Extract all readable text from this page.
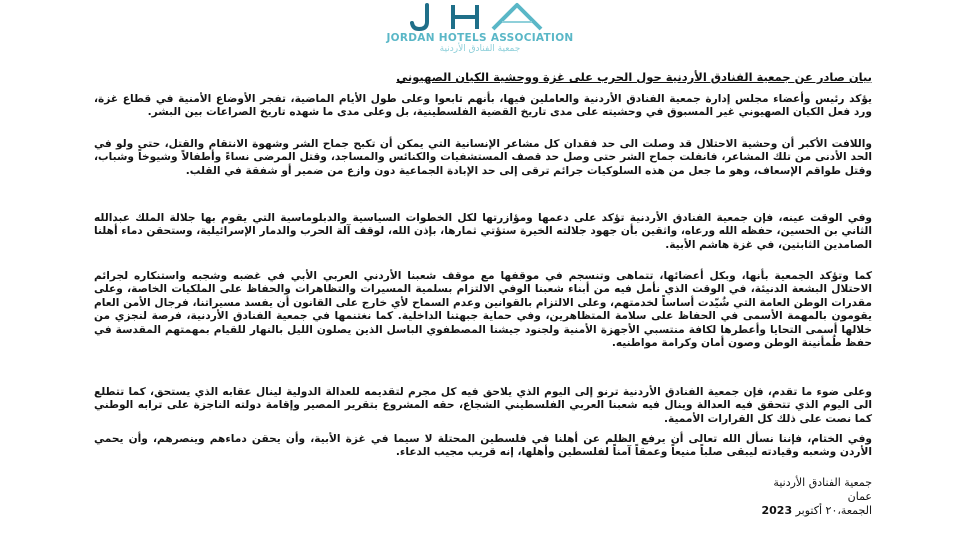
JORDAN HOTELS ASSOCIATION
جمعية الفنادق الأردنية
بيان صادر عن جمعية الفنادق الأردنية حول الحرب على غزة ووحشية الكيان الصهيوني
يؤكد رئيس وأعضاء مجلس إدارة جمعية الفنادق الأردنية والعاملين فيها، بأنهم تابعوا وعلى طول الأيام الماضية، تفجر الأوضاع الأمنية في قطاع غزة، ورد فعل الكيان الصهيوني غير المسبوق في وحشيته على مدى تاريخ القضية الفلسطينية، بل وعلى مدى ما شهده تاريخ الصراعات بين البشر.
واللافت الأكبر أن وحشية الاحتلال قد وصلت الى حد فقدان كل مشاعر الإنسانية التي يمكن أن تكبح جماح الشر وشهوة الانتقام والقتل، حتى ولو في الحد الأدنى من تلك المشاعر، فانفلت جماح الشر حتى وصل حد قصف المستشفيات والكنائس والمساجد، وقتل المرضى نساءً وأطفالاً وشيوخاً وشباب، وقتل طواقم الإسعاف، وهو ما جعل من هذه السلوكيات جرائم ترقى إلى حد الإبادة الجماعية دون وازع من ضمير أو شفقة في القلب.
وفي الوقت عينه، فإن جمعية الفنادق الأردنية تؤكد على دعمها ومؤازرتها لكل الخطوات السياسية والدبلوماسية التي يقوم بها جلالة الملك عبدالله الثاني بن الحسين، حفظه الله ورعاه، واثقين بأن جهود جلالته الخيرة ستؤتي ثمارها، بإذن الله، لوقف آلة الحرب والدمار الإسرائيلية، وستحقن دماء أهلنا الصامدين الثابتين، في غزة هاشم الأبية.
كما وتؤكد الجمعية بأنها، وبكل أعضائها، تتماهى وتنسجم في موقفها مع موقف شعبنا الأردني العربي الأبي في غضبه وشجبه واستنكاره لجرائم الاحتلال البشعة الدنيئة، في الوقت الذي نأمل فيه من أبناء شعبنا الوفي الالتزام بسلمية المسيرات والتظاهرات والحفاظ على الملكيات الخاصة، وعلى مقدرات الوطن العامة التي شُيّدت أساساً لخدمتهم، وعلى الالتزام بالقوانين وعدم السماح لأي خارج على القانون أن يفسد مسيراتنا، فرجال الأمن العام يقومون بالمهمة الأسمى في الحفاظ على سلامة المتظاهرين، وفي حماية جبهتنا الداخلية. كما نغتنمها في جمعية الفنادق الأردنية، فرصة لنجزي من خلالها أسمى التحايا وأعطرها لكافة منتسبي الأجهزة الأمنية ولجنود جيشنا المصطفوي الباسل الذين يصلون الليل بالنهار للقيام بمهمتهم المقدسة في حفظ طُمأنينة الوطن وصون أمان وكرامة مواطنيه.
وعلى ضوء ما تقدم، فإن جمعية الفنادق الأردنية ترنو إلى اليوم الذي يلاحق فيه كل مجرم لتقديمه للعدالة الدولية لينال عقابه الذي يستحق، كما تتطلع الى اليوم الذي تتحقق فيه العدالة وينال فيه شعبنا العربي الفلسطيني الشجاع، حقه المشروع بتقرير المصير وإقامة دولته الناجزة على ترابه الوطني كما نصت على ذلك كل القرارات الأممية.
وفي الختام، فإننا نسأل الله تعالى أن يرفع الظلم عن أهلنا في فلسطين المحتلة لا سيما في غزة الأبية، وأن يحقن دماءهم وينصرهم، وأن يحمي الأردن وشعبه وقيادته ليبقى صلباً منيعاً وعمقاً آمناً لفلسطين وأهلها، إنه قريب مجيب الدعاء.
جمعية الفنادق الأردنية
عمان
الجمعة،٢٠ أكتوبر 2023
